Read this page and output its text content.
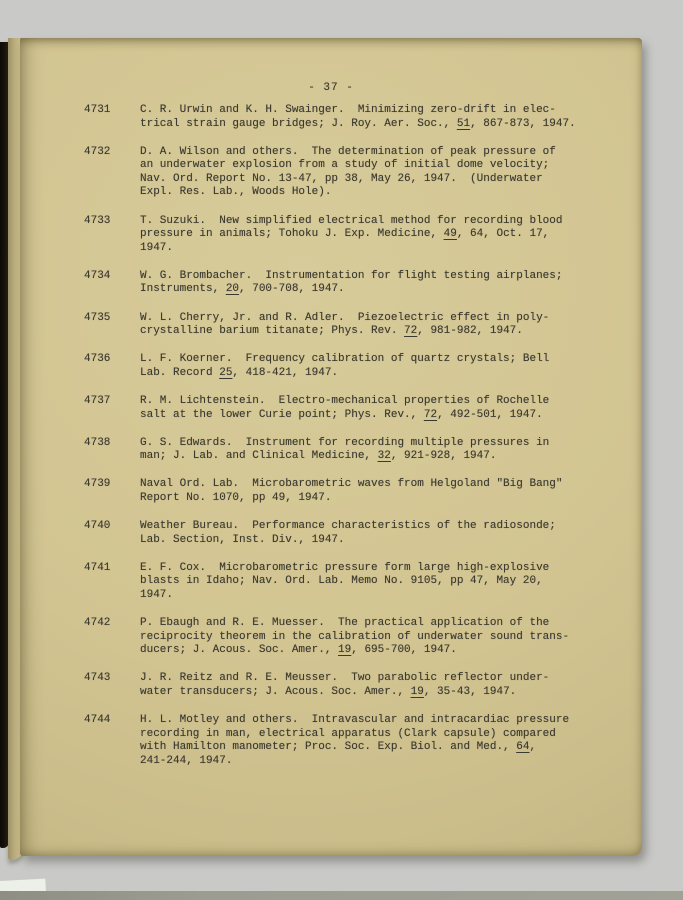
- 37 -
4731	C. R. Urwin and K. H. Swainger.  Minimizing zero-drift in elec-
trical strain gauge bridges; J. Roy. Aer. Soc., 51, 867-873, 1947.
4732	D. A. Wilson and others.  The determination of peak pressure of
an underwater explosion from a study of initial dome velocity;
Nav. Ord. Report No. 13-47, pp 38, May 26, 1947.  (Underwater
Expl. Res. Lab., Woods Hole).
4733	T. Suzuki.  New simplified electrical method for recording blood
pressure in animals; Tohoku J. Exp. Medicine, 49, 64, Oct. 17,
1947.
4734	W. G. Brombacher.  Instrumentation for flight testing airplanes;
Instruments, 20, 700-708, 1947.
4735	W. L. Cherry, Jr. and R. Adler.  Piezoelectric effect in poly-
crystalline barium titanate; Phys. Rev. 72, 981-982, 1947.
4736	L. F. Koerner.  Frequency calibration of quartz crystals; Bell
Lab. Record 25, 418-421, 1947.
4737	R. M. Lichtenstein.  Electro-mechanical properties of Rochelle
salt at the lower Curie point; Phys. Rev., 72, 492-501, 1947.
4738	G. S. Edwards.  Instrument for recording multiple pressures in
man; J. Lab. and Clinical Medicine, 32, 921-928, 1947.
4739	Naval Ord. Lab.  Microbarometric waves from Helgoland "Big Bang"
Report No. 1070, pp 49, 1947.
4740	Weather Bureau.  Performance characteristics of the radiosonde;
Lab. Section, Inst. Div., 1947.
4741	E. F. Cox.  Microbarometric pressure form large high-explosive
blasts in Idaho; Nav. Ord. Lab. Memo No. 9105, pp 47, May 20,
1947.
4742	P. Ebaugh and R. E. Muesser.  The practical application of the
reciprocity theorem in the calibration of underwater sound trans-
ducers; J. Acous. Soc. Amer., 19, 695-700, 1947.
4743	J. R. Reitz and R. E. Meusser.  Two parabolic reflector under-
water transducers; J. Acous. Soc. Amer., 19, 35-43, 1947.
4744	H. L. Motley and others.  Intravascular and intracardiac pressure
recording in man, electrical apparatus (Clark capsule) compared
with Hamilton manometer; Proc. Soc. Exp. Biol. and Med., 64,
241-244, 1947.
